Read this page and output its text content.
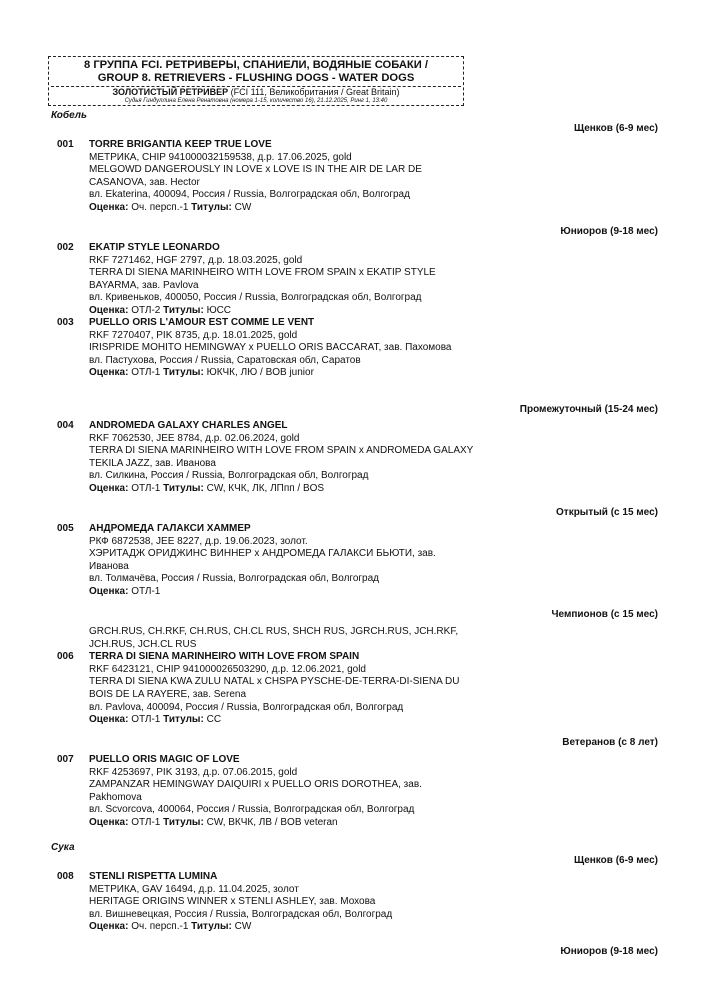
8 ГРУППА FCI. РЕТРИВЕРЫ, СПАНИЕЛИ, ВОДЯНЫЕ СОБАКИ /
GROUP 8. RETRIEVERS - FLUSHING DOGS - WATER DOGS
ЗОЛОТИСТЫЙ РЕТРИВЕР (FCI 111, Великобритания / Great Britain)
Судья Гиндуллина Елена Ренатовна (номера 1-15, количество 16), 21.12.2025, Ринг 1, 13:40
Кобель
Щенков (6-9 мес)
001	TORRE BRIGANTIA KEEP TRUE LOVE
МЕТРИКА, CHIP 941000032159538, д.р. 17.06.2025, gold
MELGOWD DANGEROUSLY IN LOVE x LOVE IS IN THE AIR DE LAR DE CASANOVA, зав. Hector
вл. Ekaterina, 400094, Россия / Russia, Волгоградская обл, Волгоград
Оценка: Оч. персп.-1 Титулы: CW
Юниоров (9-18 мес)
002	EKATIP STYLE LEONARDO
RKF 7271462, HGF 2797, д.р. 18.03.2025, gold
TERRA DI SIENA MARINHEIRO WITH LOVE FROM SPAIN x EKATIP STYLE BAYARMA, зав. Pavlova
вл. Кривеньков, 400050, Россия / Russia, Волгоградская обл, Волгоград
Оценка: ОТЛ-2 Титулы: ЮСС
003	PUELLO ORIS L'AMOUR EST COMME LE VENT
RKF 7270407, PIK 8735, д.р. 18.01.2025, gold
IRISPRIDE MOHITO HEMINGWAY x PUELLO ORIS BACCARAT, зав. Пахомова
вл. Пастухова, Россия / Russia, Саратовская обл, Саратов
Оценка: ОТЛ-1 Титулы: ЮКЧК, ЛЮ / BOB junior
Промежуточный (15-24 мес)
004	ANDROMEDA GALAXY CHARLES ANGEL
RKF 7062530, JEE 8784, д.р. 02.06.2024, gold
TERRA DI SIENA MARINHEIRO WITH LOVE FROM SPAIN x ANDROMEDA GALAXY TEKILA JAZZ, зав. Иванова
вл. Силкина, Россия / Russia, Волгоградская обл, Волгоград
Оценка: ОТЛ-1 Титулы: CW, КЧК, ЛК, ЛПпп / BOS
Открытый (с 15 мес)
005	АНДРОМЕДА ГАЛАКСИ ХАММЕР
РКФ 6872538, JEE 8227, д.р. 19.06.2023, золот.
ХЭРИТАДЖ ОРИДЖИНС ВИННЕР x АНДРОМЕДА ГАЛАКСИ БЬЮТИ, зав. Иванова
вл. Толмачёва, Россия / Russia, Волгоградская обл, Волгоград
Оценка: ОТЛ-1
Чемпионов (с 15 мес)
GRCH.RUS, CH.RKF, CH.RUS, CH.CL RUS, SHCH RUS, JGRCH.RUS, JCH.RKF, JCH.RUS, JCH.CL RUS
006	TERRA DI SIENA MARINHEIRO WITH LOVE FROM SPAIN
RKF 6423121, CHIP 941000026503290, д.р. 12.06.2021, gold
TERRA DI SIENA KWA ZULU NATAL x CHSPA PYSCHE-DE-TERRA-DI-SIENA DU BOIS DE LA RAYERE, зав. Serena
вл. Pavlova, 400094, Россия / Russia, Волгоградская обл, Волгоград
Оценка: ОТЛ-1 Титулы: CC
Ветеранов (с 8 лет)
007	PUELLO ORIS MAGIC OF LOVE
RKF 4253697, PIK 3193, д.р. 07.06.2015, gold
ZAMPANZAR HEMINGWAY DAIQUIRI x PUELLO ORIS DOROTHEA, зав. Pakhomova
вл. Scvorcova, 400064, Россия / Russia, Волгоградская обл, Волгоград
Оценка: ОТЛ-1 Титулы: CW, ВКЧК, ЛВ / BOB veteran
Сука
Щенков (6-9 мес)
008	STENLI RISPETTA LUMINA
МЕТРИКА, GAV 16494, д.р. 11.04.2025, золот
HERITAGE ORIGINS WINNER x STENLI ASHLEY, зав. Мохова
вл. Вишневецкая, Россия / Russia, Волгоградская обл, Волгоград
Оценка: Оч. персп.-1 Титулы: CW
Юниоров (9-18 мес)
